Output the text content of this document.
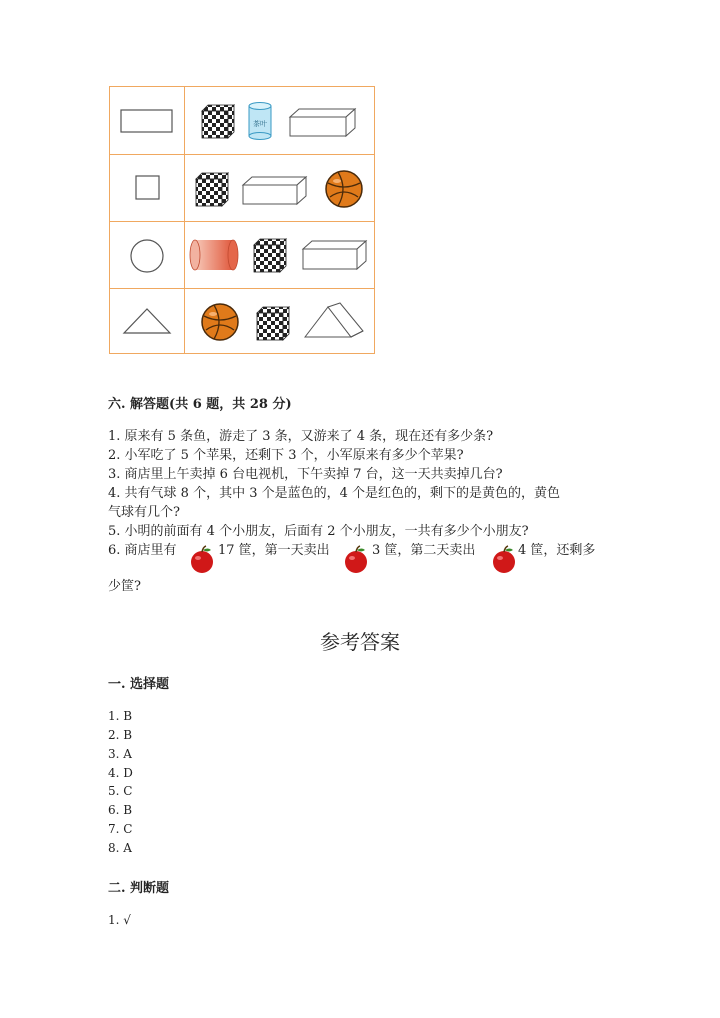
茶叶
六. 解答题(共 6 题，共 28 分)
1. 原来有 5 条鱼，游走了 3 条，又游来了 4 条，现在还有多少条?
2. 小军吃了 5 个苹果，还剩下 3 个，小军原来有多少个苹果?
3. 商店里上午卖掉 6 台电视机，下午卖掉 7 台，这一天共卖掉几台?
4. 共有气球 8 个，其中 3 个是蓝色的，4 个是红色的，剩下的是黄色的，黄色
气球有几个?
5. 小明的前面有 4 个小朋友，后面有 2 个小朋友，一共有多少个小朋友?
6. 商店里有	17 筐，第一天卖出	3 筐，第二天卖出	4 筐，还剩多
少筐?
参考答案
一. 选择题
1. B
2. B
3. A
4. D
5. C
6. B
7. C
8. A
二. 判断题
1. √
